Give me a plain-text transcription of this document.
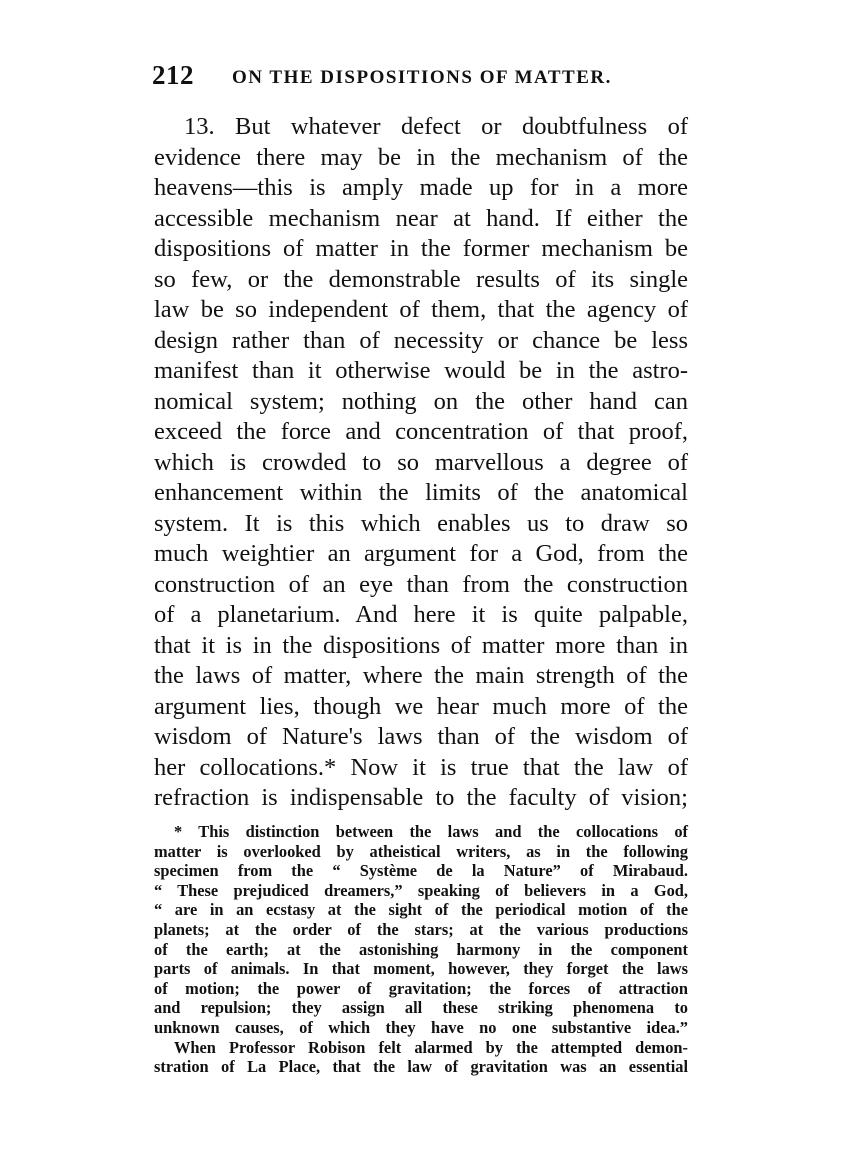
212 ON THE DISPOSITIONS OF MATTER.
13. But whatever defect or doubtfulness of
evidence there may be in the mechanism of the
heavens—this is amply made up for in a more
accessible mechanism near at hand. If either the
dispositions of matter in the former mechanism be
so few, or the demonstrable results of its single
law be so independent of them, that the agency of
design rather than of necessity or chance be less
manifest than it otherwise would be in the astro-
nomical system; nothing on the other hand can
exceed the force and concentration of that proof,
which is crowded to so marvellous a degree of
enhancement within the limits of the anatomical
system. It is this which enables us to draw so
much weightier an argument for a God, from the
construction of an eye than from the construction
of a planetarium. And here it is quite palpable,
that it is in the dispositions of matter more than in
the laws of matter, where the main strength of the
argument lies, though we hear much more of the
wisdom of Nature's laws than of the wisdom of
her collocations.* Now it is true that the law of
refraction is indispensable to the faculty of vision;
* This distinction between the laws and the collocations of
matter is overlooked by atheistical writers, as in the following
specimen from the “ Système de la Nature” of Mirabaud.
“ These prejudiced dreamers,” speaking of believers in a God,
“ are in an ecstasy at the sight of the periodical motion of the
planets; at the order of the stars; at the various productions
of the earth; at the astonishing harmony in the component
parts of animals. In that moment, however, they forget the laws
of motion; the power of gravitation; the forces of attraction
and repulsion; they assign all these striking phenomena to
unknown causes, of which they have no one substantive idea.”
When Professor Robison felt alarmed by the attempted demon-
stration of La Place, that the law of gravitation was an essential
